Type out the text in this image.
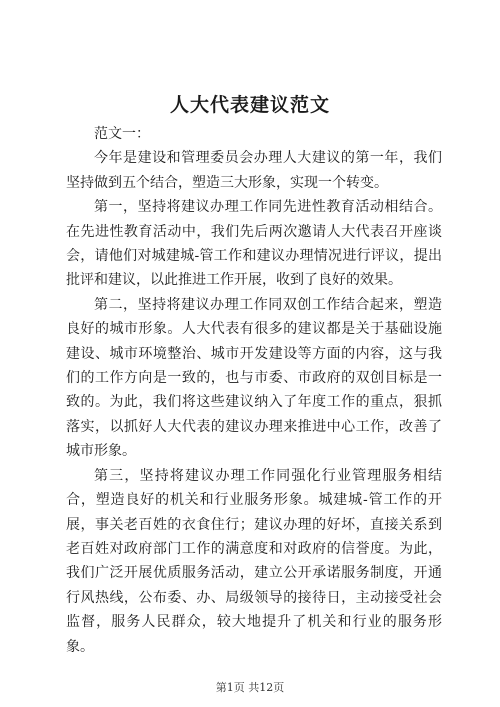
人大代表建议范文

范文一：

今年是建设和管理委员会办理人大建议的第一年，我们坚持做到五个结合，塑造三大形象，实现一个转变。

第一，坚持将建议办理工作同先进性教育活动相结合。在先进性教育活动中，我们先后两次邀请人大代表召开座谈会，请他们对城建城-管工作和建议办理情况进行评议，提出批评和建议，以此推进工作开展，收到了良好的效果。

第二，坚持将建议办理工作同双创工作结合起来，塑造良好的城市形象。人大代表有很多的建议都是关于基础设施建设、城市环境整治、城市开发建设等方面的内容，这与我们的工作方向是一致的，也与市委、市政府的双创目标是一致的。为此，我们将这些建议纳入了年度工作的重点，狠抓落实，以抓好人大代表的建议办理来推进中心工作，改善了城市形象。

第三，坚持将建议办理工作同强化行业管理服务相结合，塑造良好的机关和行业服务形象。城建城-管工作的开展，事关老百姓的衣食住行；建议办理的好坏，直接关系到老百姓对政府部门工作的满意度和对政府的信誉度。为此，我们广泛开展优质服务活动，建立公开承诺服务制度，开通行风热线，公布委、办、局级领导的接待日，主动接受社会监督，服务人民群众，较大地提升了机关和行业的服务形象。

第1页 共12页
